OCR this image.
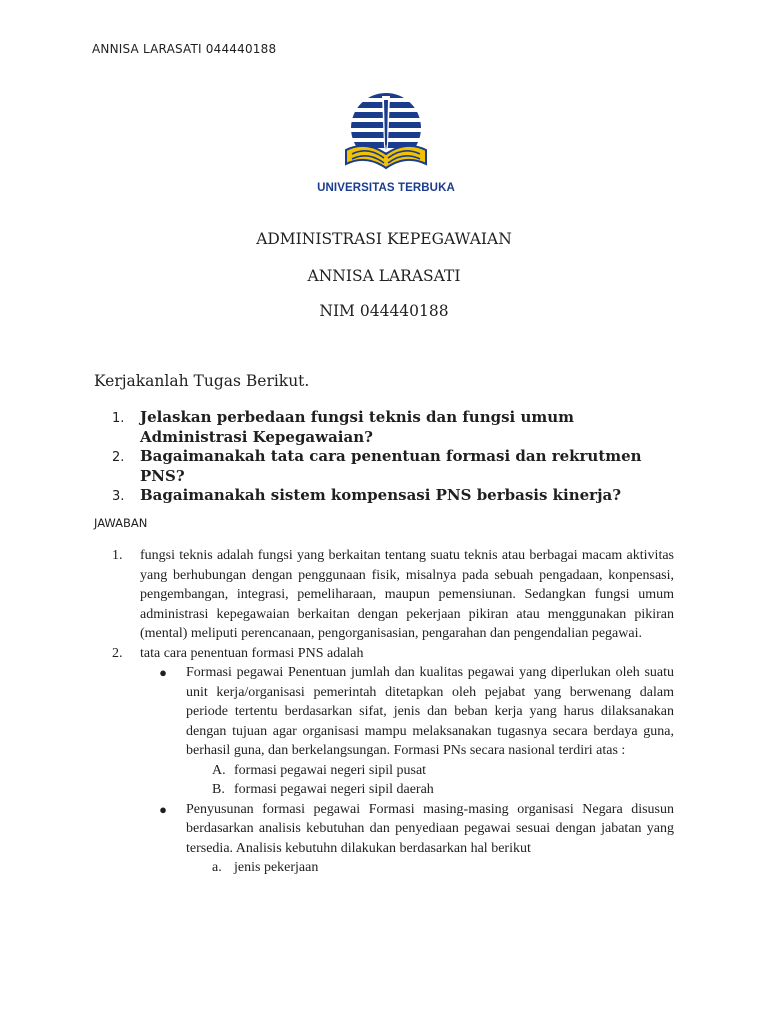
ANNISA LARASATI 044440188
UNIVERSITAS TERBUKA
ADMINISTRASI KEPEGAWAIAN
ANNISA LARASATI
NIM 044440188
Kerjakanlah Tugas Berikut.
1.	Jelaskan perbedaan fungsi teknis dan fungsi umum Administrasi Kepegawaian?
2.	Bagaimanakah tata cara penentuan formasi dan rekrutmen PNS?
3.	Bagaimanakah sistem kompensasi PNS berbasis kinerja?
JAWABAN
1.	fungsi teknis adalah fungsi yang berkaitan tentang suatu teknis atau berbagai macam aktivitas yang berhubungan dengan penggunaan fisik, misalnya pada sebuah pengadaan, konpensasi, pengembangan, integrasi, pemeliharaan, maupun pemensiunan. Sedangkan fungsi umum administrasi kepegawaian berkaitan dengan pekerjaan pikiran atau menggunakan pikiran (mental) meliputi perencanaan, pengorganisasian, pengarahan dan pengendalian pegawai.
2.	tata cara penentuan formasi PNS adalah
●	Formasi pegawai Penentuan jumlah dan kualitas pegawai yang diperlukan oleh suatu unit kerja/organisasi pemerintah ditetapkan oleh pejabat yang berwenang dalam periode tertentu berdasarkan sifat, jenis dan beban kerja yang harus dilaksanakan dengan tujuan agar organisasi mampu melaksanakan tugasnya secara berdaya guna, berhasil guna, dan berkelangsungan. Formasi PNs secara nasional terdiri atas :
A. formasi pegawai negeri sipil pusat
B. formasi pegawai negeri sipil daerah
●	Penyusunan formasi pegawai Formasi masing-masing organisasi Negara disusun berdasarkan analisis kebutuhan dan penyediaan pegawai sesuai dengan jabatan yang tersedia. Analisis kebutuhn dilakukan berdasarkan hal berikut
a. jenis pekerjaan
